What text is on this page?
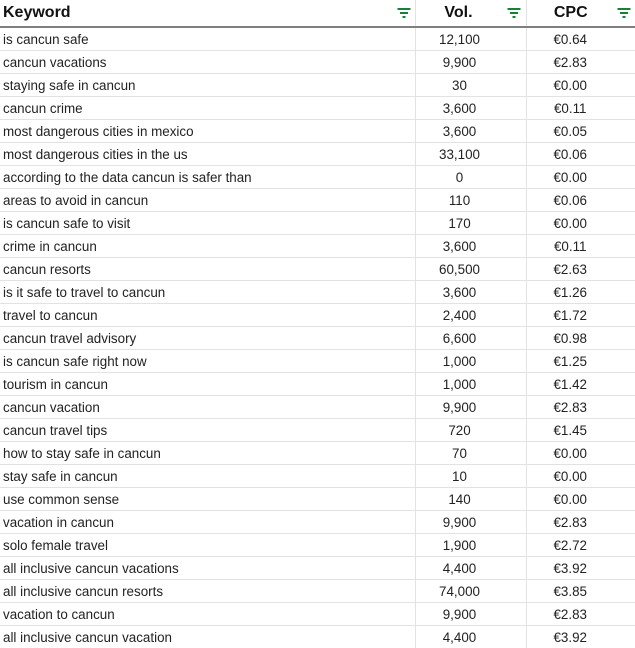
Keyword	Vol.	CPC

is cancun safe	12,100	€0.64
cancun vacations	9,900	€2.83
staying safe in cancun	30	€0.00
cancun crime	3,600	€0.11
most dangerous cities in mexico	3,600	€0.05
most dangerous cities in the us	33,100	€0.06
according to the data cancun is safer than	0	€0.00
areas to avoid in cancun	110	€0.06
is cancun safe to visit	170	€0.00
crime in cancun	3,600	€0.11
cancun resorts	60,500	€2.63
is it safe to travel to cancun	3,600	€1.26
travel to cancun	2,400	€1.72
cancun travel advisory	6,600	€0.98
is cancun safe right now	1,000	€1.25
tourism in cancun	1,000	€1.42
cancun vacation	9,900	€2.83
cancun travel tips	720	€1.45
how to stay safe in cancun	70	€0.00
stay safe in cancun	10	€0.00
use common sense	140	€0.00
vacation in cancun	9,900	€2.83
solo female travel	1,900	€2.72
all inclusive cancun vacations	4,400	€3.92
all inclusive cancun resorts	74,000	€3.85
vacation to cancun	9,900	€2.83
all inclusive cancun vacation	4,400	€3.92
